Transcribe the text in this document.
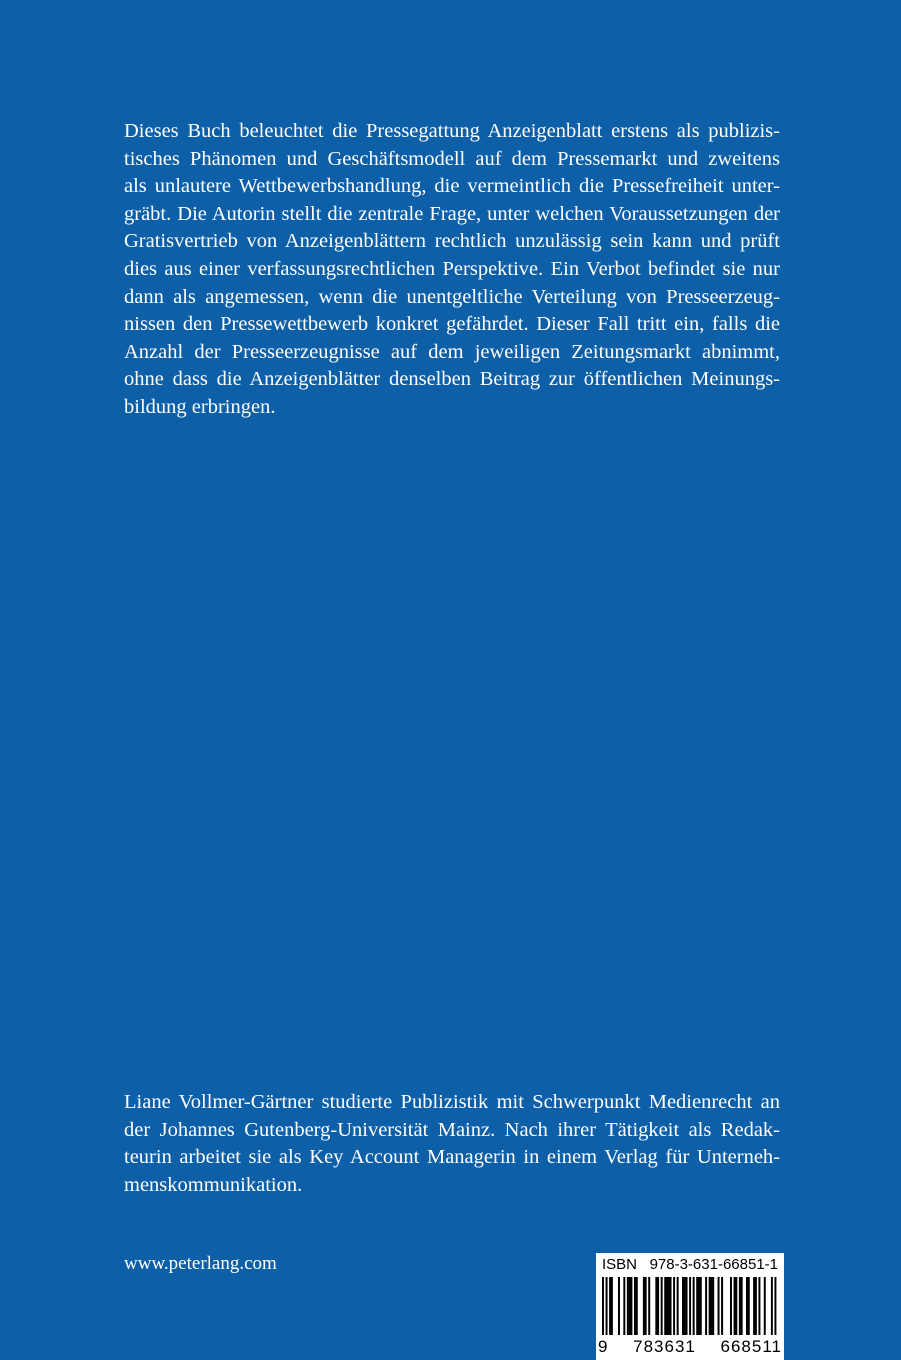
Dieses Buch beleuchtet die Pressegattung Anzeigenblatt erstens als publizis-
tisches Phänomen und Geschäftsmodell auf dem Pressemarkt und zweitens
als unlautere Wettbewerbshandlung, die vermeintlich die Pressefreiheit unter-
gräbt. Die Autorin stellt die zentrale Frage, unter welchen Voraussetzungen der
Gratisvertrieb von Anzeigenblättern rechtlich unzulässig sein kann und prüft
dies aus einer verfassungsrechtlichen Perspektive. Ein Verbot befindet sie nur
dann als angemessen, wenn die unentgeltliche Verteilung von Presseerzeug-
nissen den Pressewettbewerb konkret gefährdet. Dieser Fall tritt ein, falls die
Anzahl der Presseerzeugnisse auf dem jeweiligen Zeitungsmarkt abnimmt,
ohne dass die Anzeigenblätter denselben Beitrag zur öffentlichen Meinungs-
bildung erbringen.
Liane Vollmer-Gärtner studierte Publizistik mit Schwerpunkt Medienrecht an
der Johannes Gutenberg-Universität Mainz. Nach ihrer Tätigkeit als Redak-
teurin arbeitet sie als Key Account Managerin in einem Verlag für Unterneh-
menskommunikation.
www.peterlang.com	ISBN 978-3-631-66851-1
9 783631 668511
